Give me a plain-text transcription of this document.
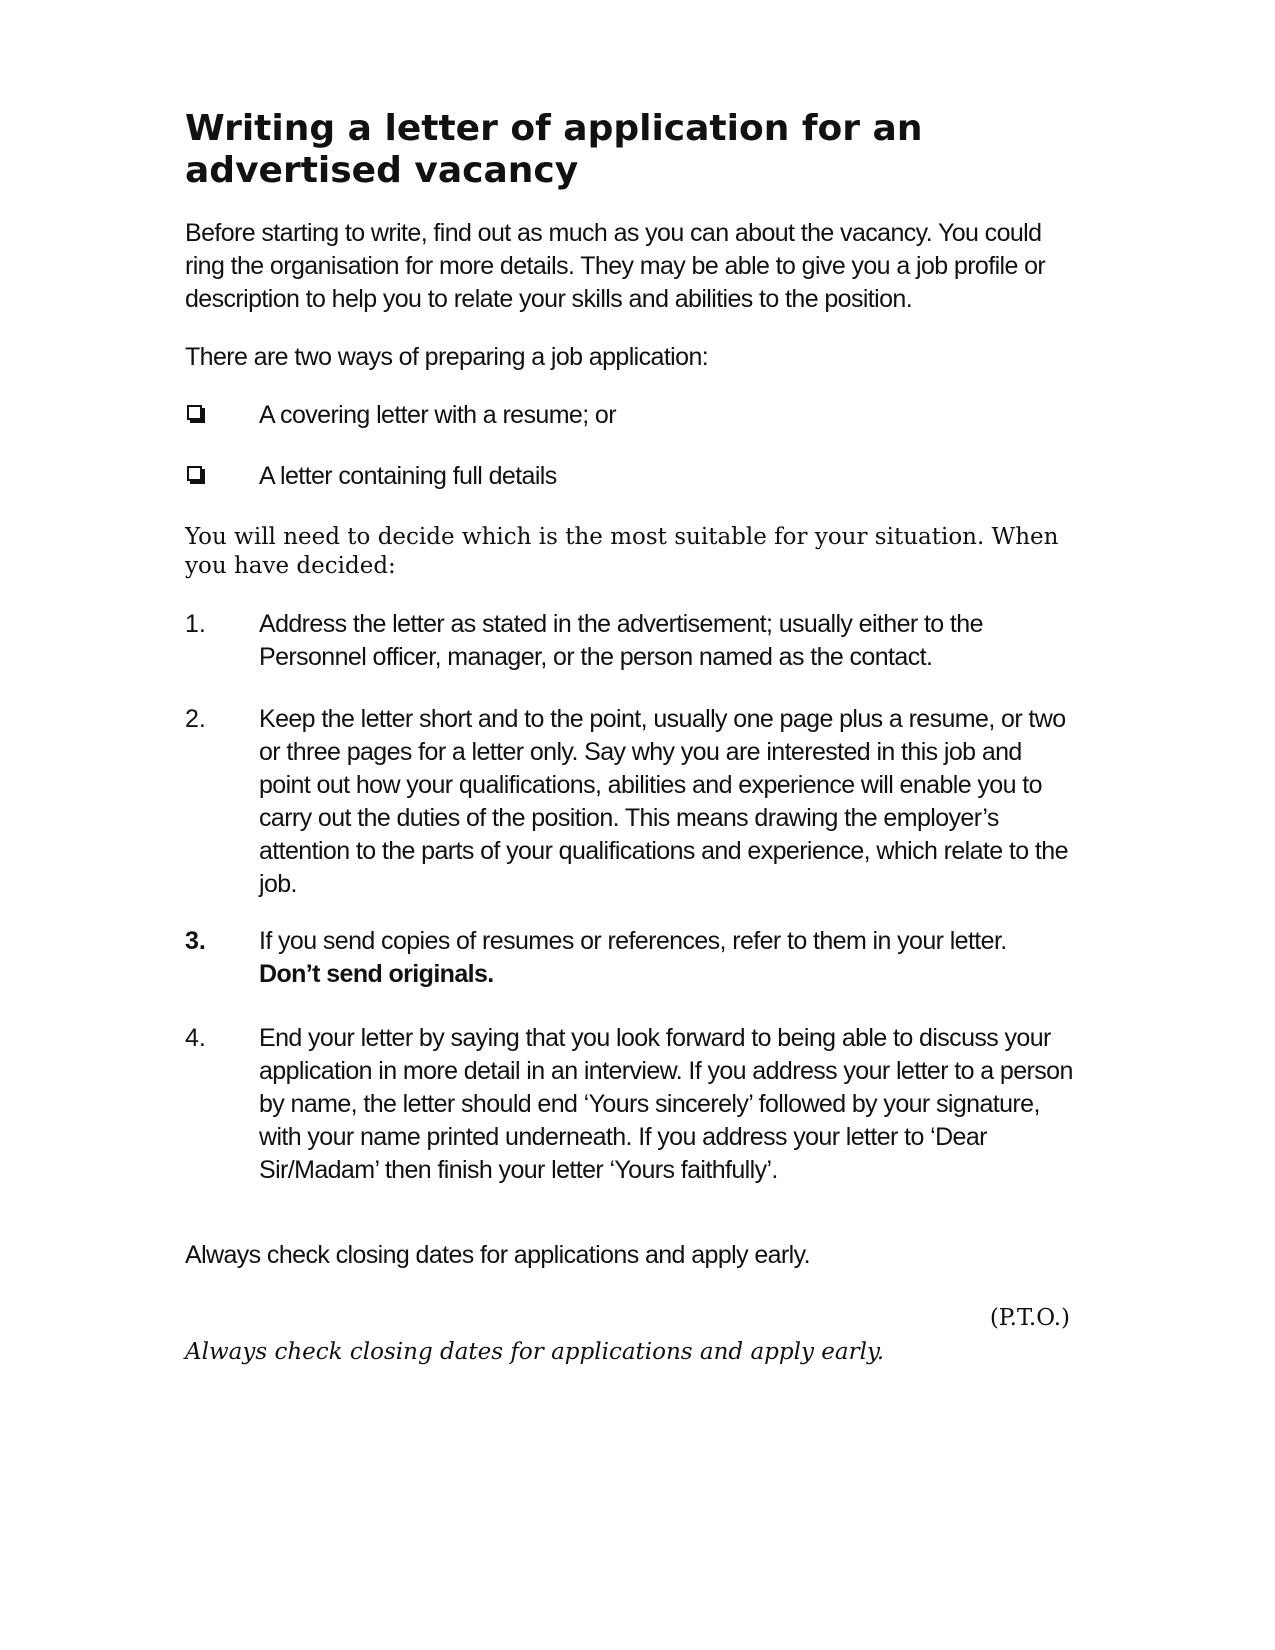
Writing a letter of application for an advertised vacancy

Before starting to write, find out as much as you can about the vacancy. You could ring the organisation for more details. They may be able to give you a job profile or description to help you to relate your skills and abilities to the position.

There are two ways of preparing a job application:

A covering letter with a resume; or
A letter containing full details

You will need to decide which is the most suitable for your situation. When you have decided:

1. Address the letter as stated in the advertisement; usually either to the Personnel officer, manager, or the person named as the contact.

2. Keep the letter short and to the point, usually one page plus a resume, or two or three pages for a letter only. Say why you are interested in this job and point out how your qualifications, abilities and experience will enable you to carry out the duties of the position. This means drawing the employer’s attention to the parts of your qualifications and experience, which relate to the job.

3. If you send copies of resumes or references, refer to them in your letter.
Don’t send originals.

4. End your letter by saying that you look forward to being able to discuss your application in more detail in an interview. If you address your letter to a person by name, the letter should end ‘Yours sincerely’ followed by your signature, with your name printed underneath. If you address your letter to ‘Dear Sir/Madam’ then finish your letter ‘Yours faithfully’.

Always check closing dates for applications and apply early.

(P.T.O.)

Always check closing dates for applications and apply early.
